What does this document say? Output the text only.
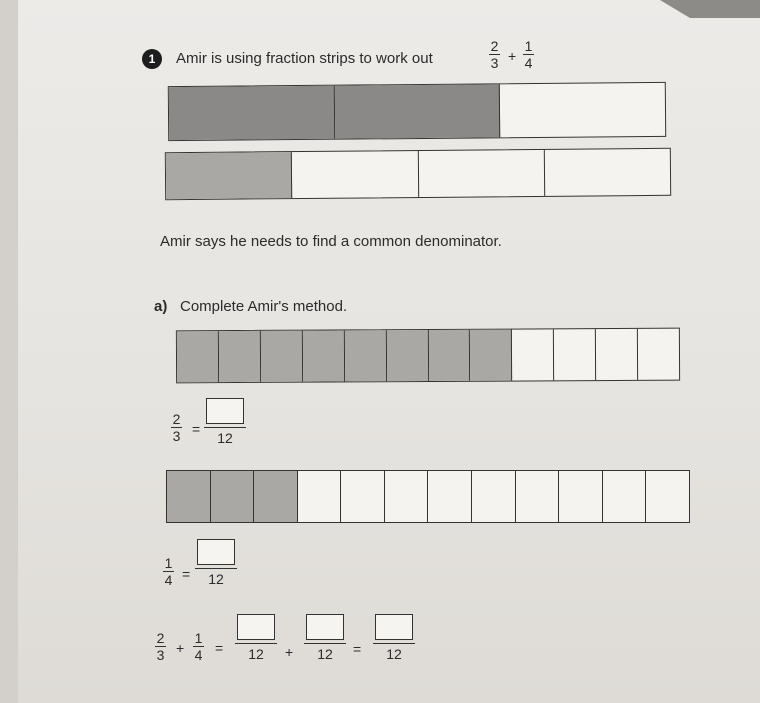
1	Amir is using fraction strips to work out
2
3 +
1
4
Amir says he needs to find a common denominator.
a) Complete Amir's method.
2
3 =
12
1
4 = 12
2
3 +
1
4 = 12 + 12 = 12
